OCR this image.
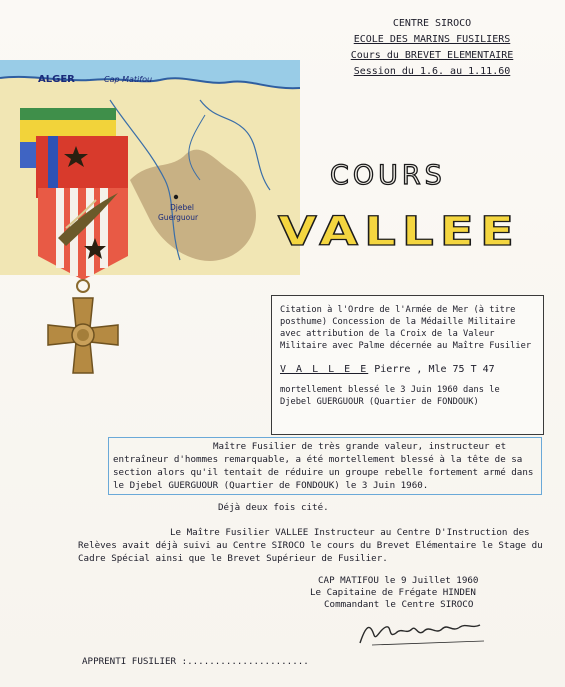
CENTRE SIROCO
ECOLE DES MARINS FUSILIERS
Cours du BREVET ELEMENTAIRE
Session du 1.6. au 1.11.60
ALGER	Cap Matifou
Djebel
Guerguour
COURS
VALLEE

Citation à l'Ordre de l'Armée de Mer (à titre posthume) Concession de la Médaille Militaire avec attribution de la Croix de la Valeur Militaire avec Palme décernée au Maître Fusilier

V A L L E E Pierre , Mle 75 T 47

mortellement blessé le 3 Juin 1960 dans le Djebel GUERGUOUR (Quartier de FONDOUK)

Maître Fusilier de très grande valeur, instructeur et entraîneur d'hommes remarquable, a été mortellement blessé à la tête de sa section alors qu'il tentait de réduire un groupe rebelle fortement armé dans le Djebel GUERGUOUR (Quartier de FONDOUK) le 3 Juin 1960.

Déjà deux fois cité.

Le Maître Fusilier VALLEE Instructeur au Centre D'Instruction des Relèves avait déjà suivi au Centre SIROCO le cours du Brevet Elémentaire le Stage du Cadre Spécial ainsi que le Brevet Supérieur de Fusilier.

CAP MATIFOU le 9 Juillet 1960
Le Capitaine de Frégate HINDEN
Commandant le Centre SIROCO
APPRENTI FUSILIER :......................
